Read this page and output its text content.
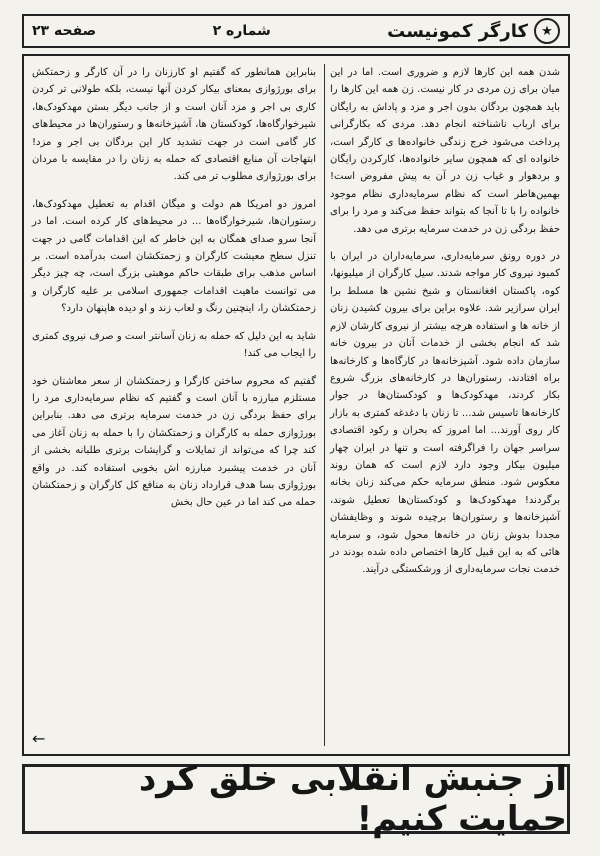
★
کارگر کمونیست
شماره ۲
صفحه ۲۳

شدن همه این کارها لازم و ضروری است. اما در این میان برای زن مردی در کار نیست. زن همه این کارها را باید همچون بردگان بدون اجر و مزد و پاداش به رایگان برای ارباب ناشناخته انجام دهد. مردی که بکارگرانی پرداخت می‌شود خرج زندگی خانواده‌ها ی کارگر است، خانواده ای که همچون سایر خانواده‌ها، کارکردن رایگان و بردهوار و غیاب زن در آن به پیش مفروض است! بهمین‌هاطر است که نظام سرمایه‌داری نظام موجود خانواده را با تا آنجا که بتواند حفظ می‌کند و مرد را برای حفظ بردگی زن در خدمت سرمایه برتری می دهد.

در دوره رونق سرمایه‌داری، سرمایه‌داران در ایران با کمبود نیروی کار مواجه شدند. سیل کارگران از میلیونها، کوه، پاکستان افغانستان و شیخ نشین ها مسلط برا ایران سرازیر شد. علاوه براین برای بیرون کشیدن زنان از خانه ها و استفاده هرچه بیشتر از نیروی کارشان لازم شد که انجام بخشی از خدمات آنان در بیرون خانه سازمان داده شود. آشپزخانه‌ها در کارگاه‌ها و کارخانه‌ها براه افتادند، رستوران‌ها در کارخانه‌های بزرگ شروع بکار کردند، مهدکودک‌ها و کودکستان‌ها در جوار کارخانه‌ها تاسیس شد... تا زنان با دغدغه کمتری به بازار کار روی آورند... اما امروز که بحران و رکود اقتصادی سراسر جهان را فراگرفته است و تنها در ایران چهار میلیون بیکار وجود دارد لازم است که همان روند معکوس شود. منطق سرمایه حکم می‌کند زنان بخانه برگردند! مهدکودک‌ها و کودکستان‌ها تعطیل شوند، آشپزخانه‌ها و رستوران‌ها برچیده شوند و وظایفشان مجددا بدوش زنان در خانه‌ها محول شود، و سرمایه هائی که به این قبیل کارها اختصاص داده شده بودند در خدمت نجات سرمایه‌داری از ورشکستگی درآیند.

بنابراین همانطور که گفتیم او کارزنان را در آن کارگر و زحمتکش برای بورژوازی بمعنای بیکار کردن آنها نیست، بلکه طولانی تر کردن کاری بی اجر و مزد آنان است و از جانب دیگر بستن مهدکودک‌ها، شیرخوارگاه‌ها، کودکستان ها، آشپزخانه‌ها و رستوران‌ها در محیط‌های کار گامی است در جهت تشدید کار این بردگان بی اجر و مزد! ابتهاجات آن منابع اقتصادی که حمله به زنان را در مقایسه با مردان برای بورژوازی مطلوب تر می کند.

امروز دو امریکا هم دولت و میگان اقدام به تعطیل مهدکودک‌ها، رستوران‌ها، شیرخوارگاه‌ها ... در محیط‌های کار کرده است. اما در آنجا سرو صدای همگان به این خاطر که این اقدامات گامی در جهت تنزل سطح معیشت کارگران و زحمتکشان است بدرآمده است. بر اساس مذهب برای طبقات حاکم موهبتی بزرگ است، چه چیز دیگر می توانست ماهیت اقدامات جمهوری اسلامی بر علیه کارگران و زحمتکشان را، اینچنین رنگ و لعاب زند و او دیده هاپنهان دارد؟

شاید به این دلیل که حمله به زنان آسانتر است و صرف نیروی کمتری را ایجاب می کند!

گفتیم که محروم ساختن کارگرا و زحمتکشان از سعر معاشتان خود مستلزم مبارزه با آنان است و گفتیم که نظام سرمایه‌داری مرد را برای حفظ بردگی زن در خدمت سرمایه برتری می دهد. بنابراین بورژوازی حمله به کارگران و زحمتکشان را با حمله به زنان آغاز می کند چرا که می‌تواند از تمایلات و گرایشات برتری طلبانه بخشی از آنان در خدمت پیشبرد مبارزه اش بخوبی استفاده کند. در واقع بورژوازی بسا هدف قرارداد زنان به منافع کل کارگران و زحمتکشان حمله می کند اما در عین حال بخش

←
از جنبش انقلابی خلق کرد حمایت کنیم!
